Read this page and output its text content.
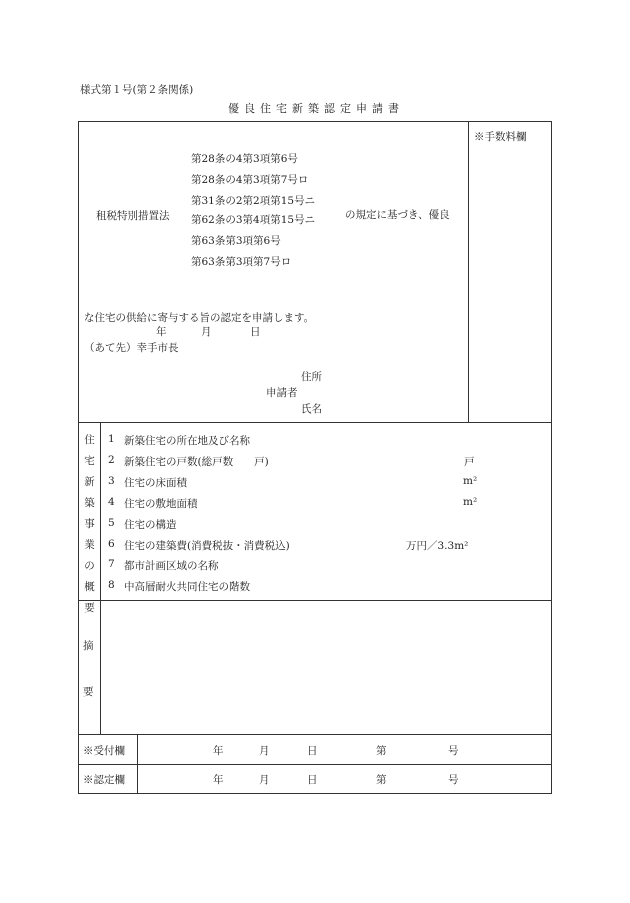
様式第１号(第２条関係)
優良住宅新築認定申請書
※手数料欄
租税特別措置法
第28条の4第3項第6号
第28条の4第3項第7号ロ
第31条の2第2項第15号ニ
第62条の3第4項第15号ニ
第63条第3項第6号
第63条第3項第7号ロ
の規定に基づき、優良
な住宅の供給に寄与する旨の認定を申請します。
年	月	日
（あて先）幸手市長
住所
申請者
氏名
住
宅
新
築
事
業
の
概
要
1 新築住宅の所在地及び名称
2 新築住宅の戸数(総戸数　　戸)	戸
3 住宅の床面積	m²
4 住宅の敷地面積	m²
5 住宅の構造
6 住宅の建築費(消費税抜・消費税込)	万円／3.3m²
7 都市計画区域の名称
8 中高層耐火共同住宅の階数
摘
要
※受付欄	年	月	日	第	号
※認定欄	年	月	日	第	号
